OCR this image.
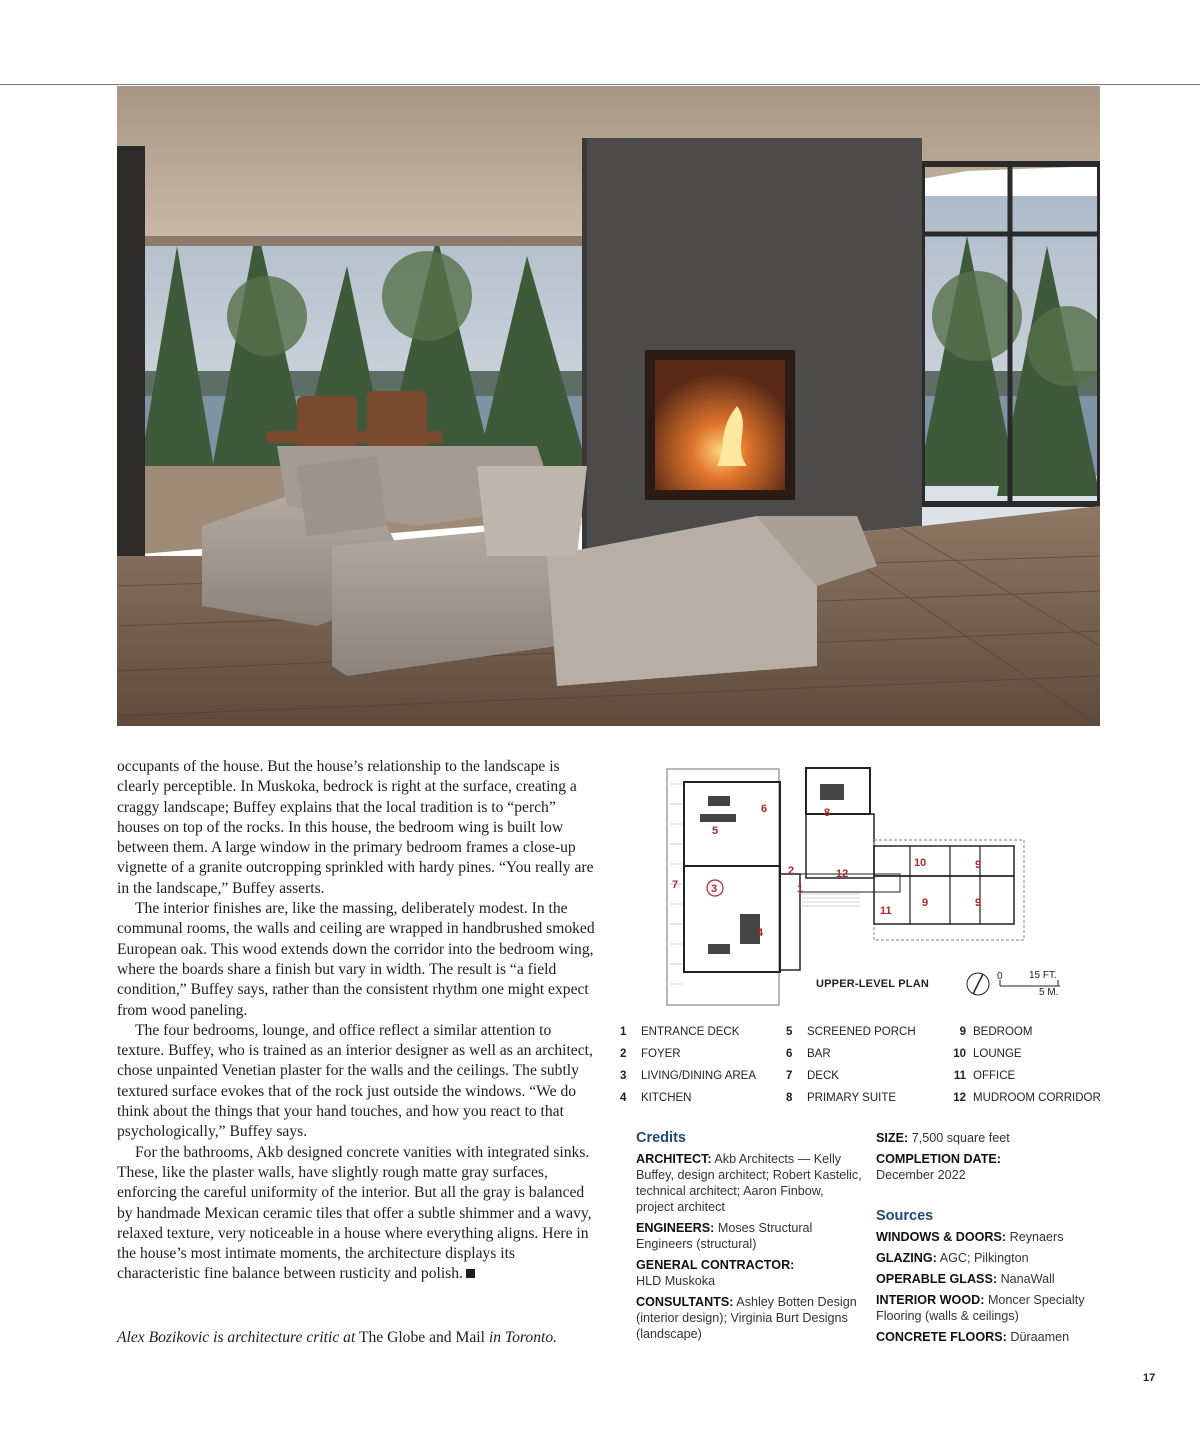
occupants of the house. But the house’s relationship to the landscape is clearly perceptible. In Muskoka, bedrock is right at the surface, creating a craggy landscape; Buffey explains that the local tradition is to “perch” houses on top of the rocks. In this house, the bedroom wing is built low between them. A large window in the primary bedroom frames a close-up vignette of a granite outcropping sprinkled with hardy pines. “You really are in the landscape,” Buffey asserts.

The interior finishes are, like the massing, deliberately modest. In the communal rooms, the walls and ceiling are wrapped in handbrushed smoked European oak. This wood extends down the corridor into the bedroom wing, where the boards share a finish but vary in width. The result is “a field condition,” Buffey says, rather than the consistent rhythm one might expect from wood paneling.

The four bedrooms, lounge, and office reflect a similar attention to texture. Buffey, who is trained as an interior designer as well as an architect, chose unpainted Venetian plaster for the walls and the ceilings. The subtly textured surface evokes that of the rock just outside the windows. “We do think about the things that your hand touches, and how you react to that psychologically,” Buffey says.

For the bathrooms, Akb designed concrete vanities with integrated sinks. These, like the plaster walls, have slightly rough matte gray surfaces, enforcing the careful uniformity of the interior. But all the gray is balanced by handmade Mexican ceramic tiles that offer a subtle shimmer and a wavy, relaxed texture, very noticeable in a house where everything aligns. Here in the house’s most intimate moments, the architecture displays its characteristic fine balance between rusticity and polish.

Alex Bozikovic is architecture critic at The Globe and Mail in Toronto.
1
2
3
4
5
6
7
8
9
9	9
10
11
12
UPPER-LEVEL PLAN
0	15 FT.
5 M.
1 ENTRANCE DECK
2 FOYER
3 LIVING/DINING AREA
4 KITCHEN
5 SCREENED PORCH
6 BAR
7 DECK
8 PRIMARY SUITE
9 BEDROOM
10 LOUNGE
11 OFFICE
12 MUDROOM CORRIDOR
Credits

ARCHITECT: Akb Architects — Kelly Buffey, design architect; Robert Kastelic, technical architect; Aaron Finbow, project architect

ENGINEERS: Moses Structural Engineers (structural)

GENERAL CONTRACTOR:
HLD Muskoka

CONSULTANTS: Ashley Botten Design (interior design); Virginia Burt Designs (landscape)

SIZE: 7,500 square feet

COMPLETION DATE:
December 2022

Sources

WINDOWS & DOORS: Reynaers

GLAZING: AGC; Pilkington

OPERABLE GLASS: NanaWall

INTERIOR WOOD: Moncer Specialty Flooring (walls & ceilings)

CONCRETE FLOORS: Düraamen

17
